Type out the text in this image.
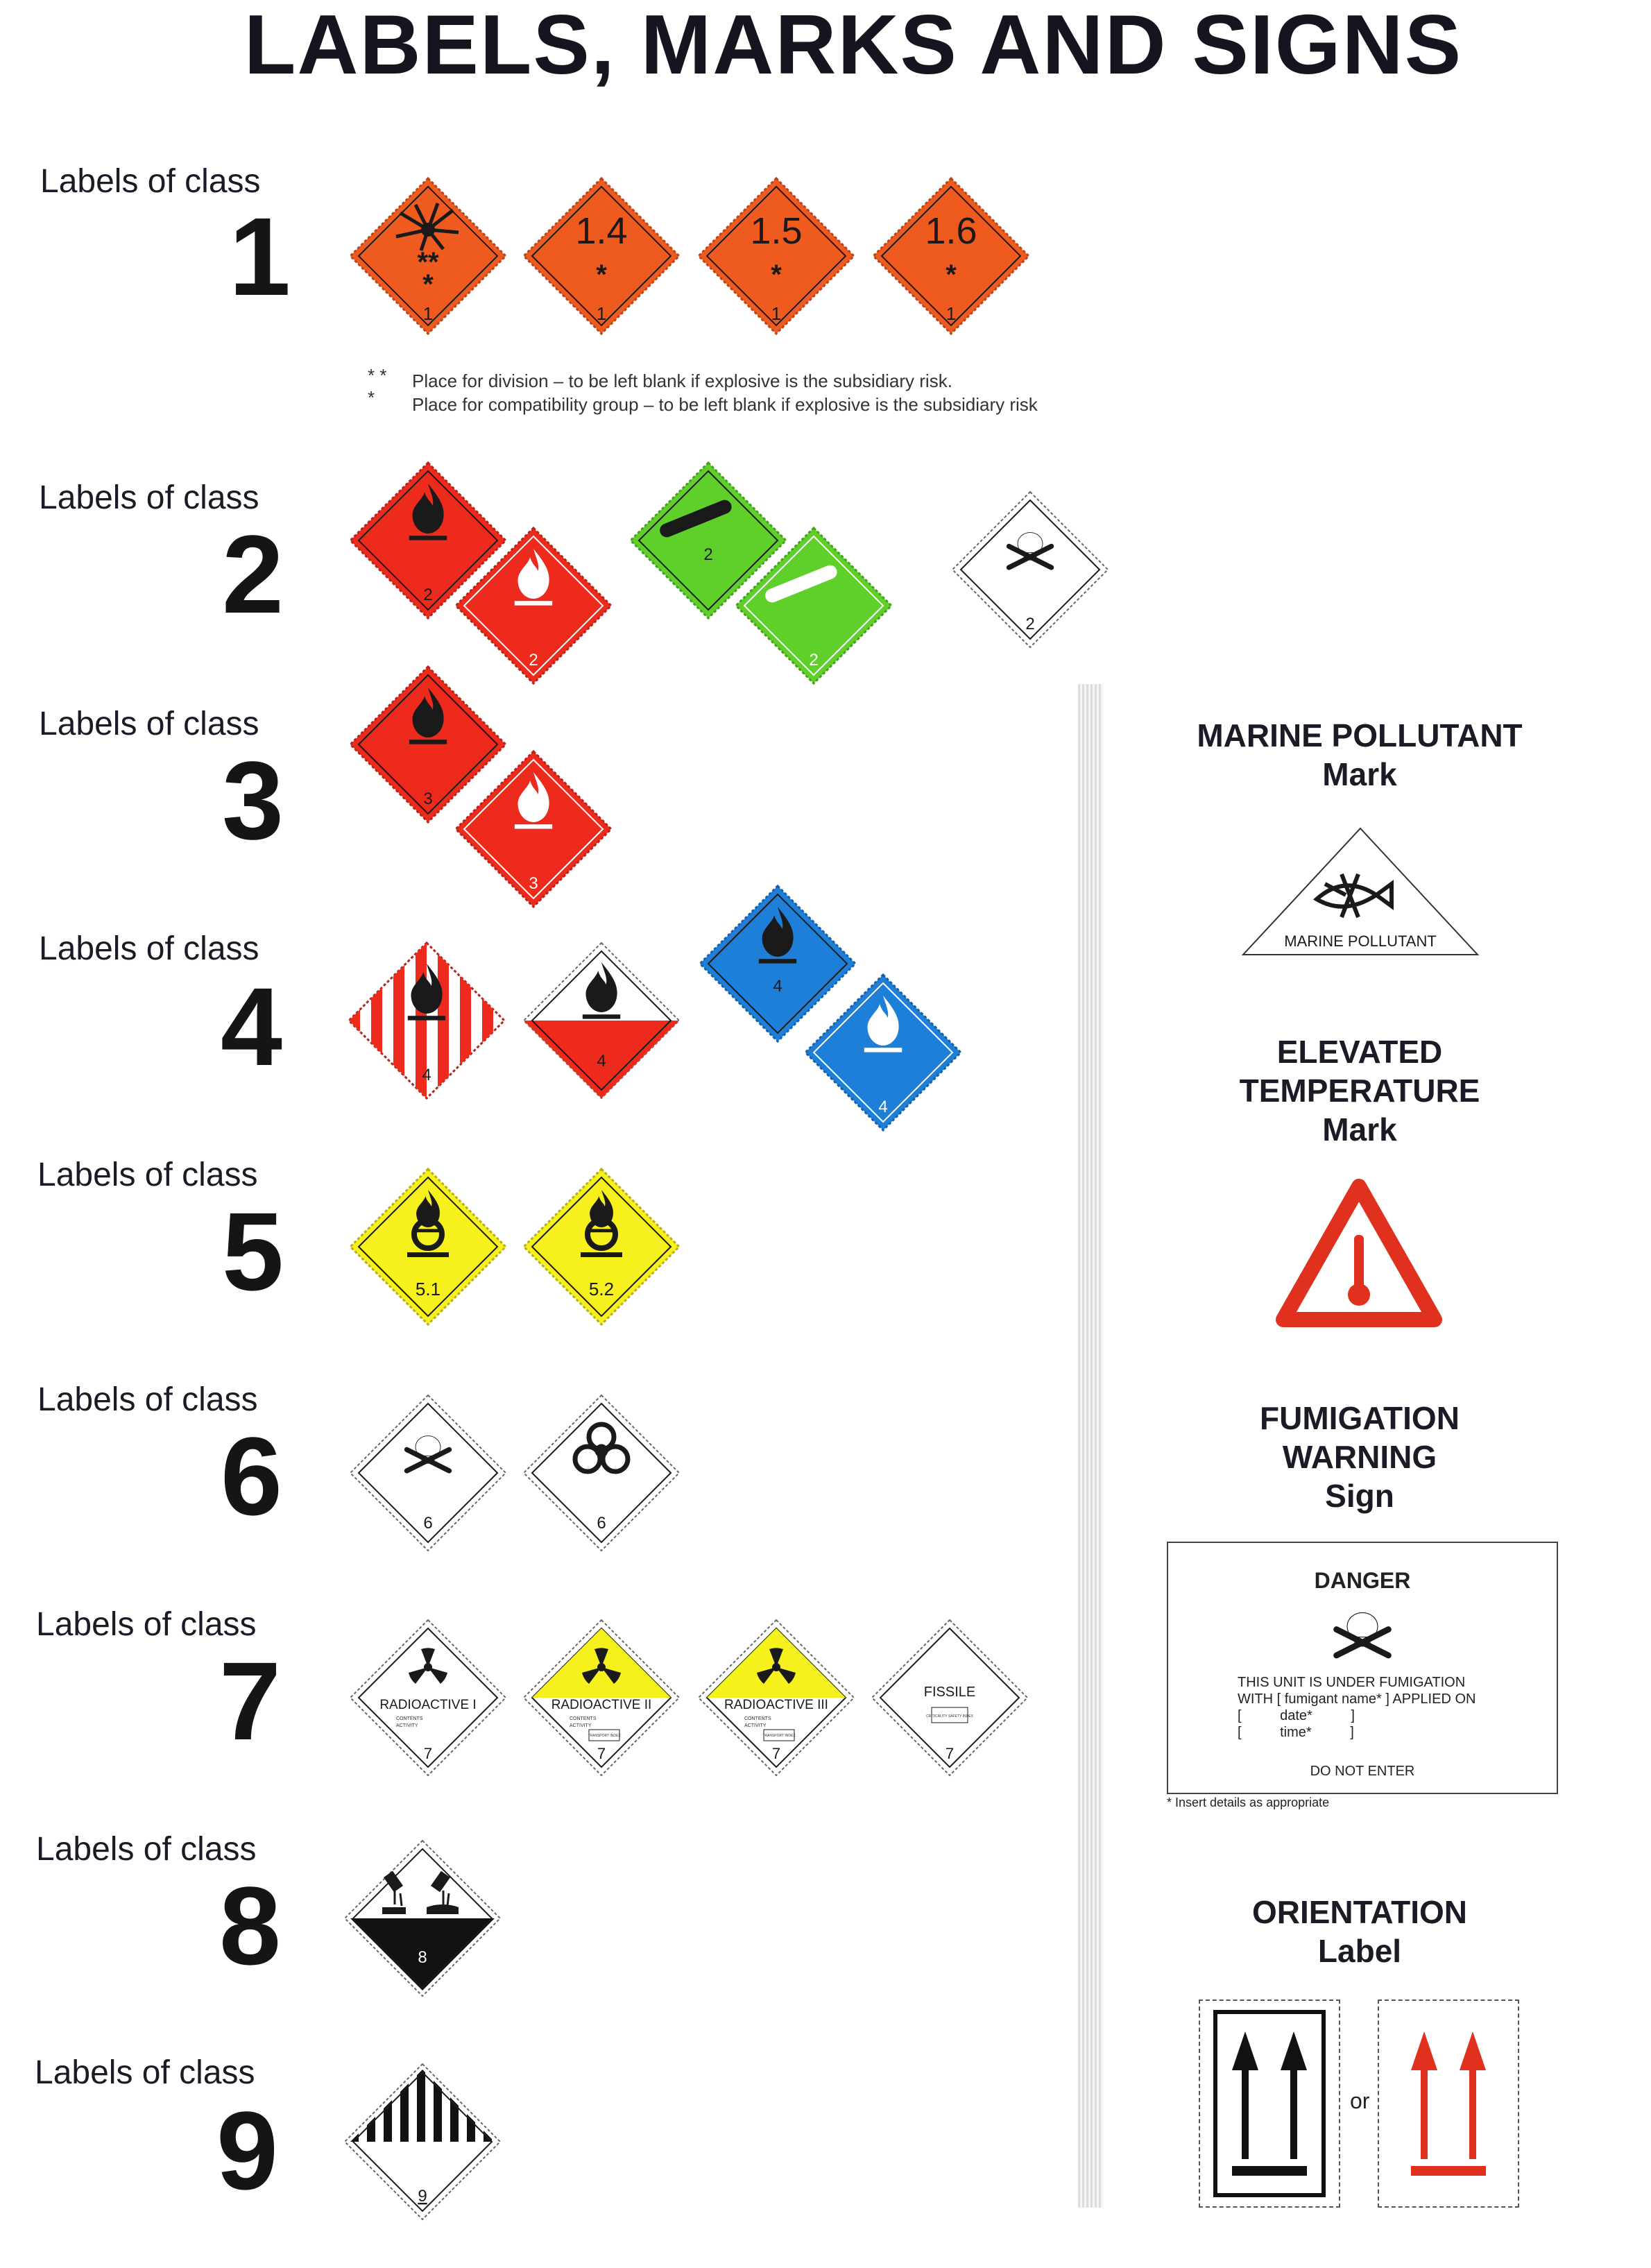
LABELS, MARKS AND SIGNS
Labels of class
1
Labels of class
2
Labels of class
3
Labels of class
4
Labels of class
5
Labels of class
6
Labels of class
7
Labels of class
8
Labels of class
9
**
*
1
1.4
*
1
1.5
*
1
1.6
*
1
* *
*
Place for division – to be left blank if explosive is the subsidiary risk.
Place for compatibility group – to be left blank if explosive is the subsidiary risk
2
2
2
2
2
3
3
4
4
4
4
5.1	5.2
6	6
RADIOACTIVE I
CONTENTS
ACTIVITY
7
RADIOACTIVE II
CONTENTS
ACTIVITY
TRANSPORT INDEX
7
RADIOACTIVE III
CONTENTS
ACTIVITY
TRANSPORT INDEX
7
FISSILE
CRITICALITY SAFETY INDEX
7
8
9
MARINE POLLUTANT
Mark
MARINE POLLUTANT
ELEVATED
TEMPERATURE
Mark
FUMIGATION
WARNING
Sign
DANGER
THIS UNIT IS UNDER FUMIGATION
WITH [ fumigant name* ] APPLIED ON
[          date*          ]
[          time*          ]
DO NOT ENTER
* Insert details as appropriate
ORIENTATION
Label
or
